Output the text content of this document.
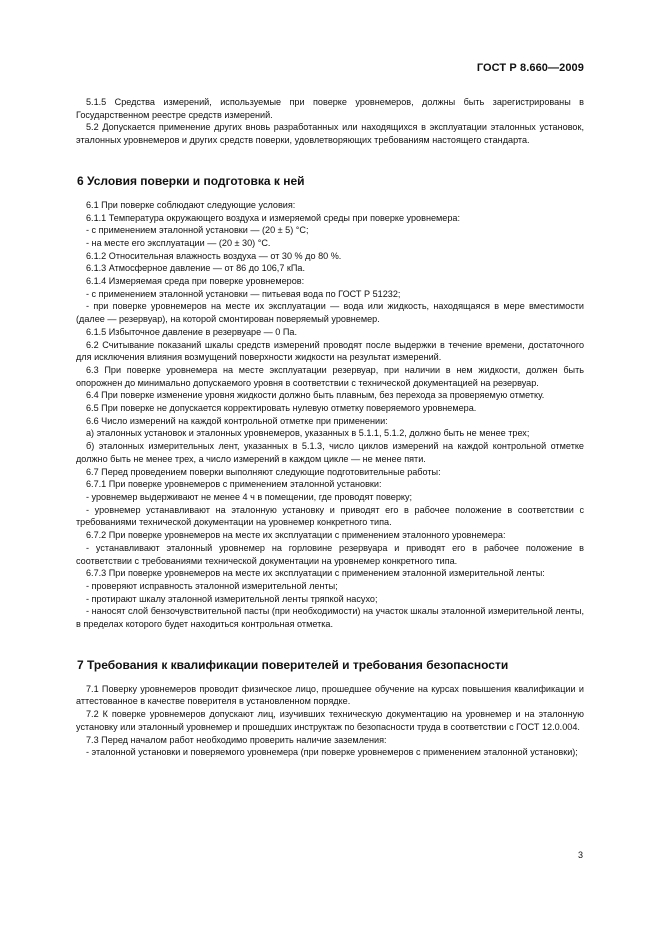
ГОСТ Р 8.660—2009

5.1.5 Средства измерений, используемые при поверке уровнемеров, должны быть зарегистрированы в Государственном реестре средств измерений.

5.2 Допускается применение других вновь разработанных или находящихся в эксплуатации эталонных установок, эталонных уровнемеров и других средств поверки, удовлетворяющих требованиям настоящего стандарта.

6 Условия поверки и подготовка к ней

6.1 При поверке соблюдают следующие условия:

6.1.1 Температура окружающего воздуха и измеряемой среды при поверке уровнемера:

- с применением эталонной установки — (20 ± 5) °С;

- на месте его эксплуатации — (20 ± 30) °С.

6.1.2 Относительная влажность воздуха — от 30 % до 80 %.

6.1.3 Атмосферное давление — от 86 до 106,7 кПа.

6.1.4 Измеряемая среда при поверке уровнемеров:

- с применением эталонной установки — питьевая вода по ГОСТ Р 51232;

- при поверке уровнемеров на месте их эксплуатации — вода или жидкость, находящаяся в мере вместимости (далее — резервуар), на которой смонтирован поверяемый уровнемер.

6.1.5 Избыточное давление в резервуаре — 0 Па.

6.2 Считывание показаний шкалы средств измерений проводят после выдержки в течение времени, достаточного для исключения влияния возмущений поверхности жидкости на результат измерений.

6.3 При поверке уровнемера на месте эксплуатации резервуар, при наличии в нем жидкости, должен быть опорожнен до минимально допускаемого уровня в соответствии с технической документацией на резервуар.

6.4 При поверке изменение уровня жидкости должно быть плавным, без перехода за проверяемую отметку.

6.5 При поверке не допускается корректировать нулевую отметку поверяемого уровнемера.

6.6 Число измерений на каждой контрольной отметке при применении:

а) эталонных установок и эталонных уровнемеров, указанных в 5.1.1, 5.1.2, должно быть не менее трех;

б) эталонных измерительных лент, указанных в 5.1.3, число циклов измерений на каждой контрольной отметке должно быть не менее трех, а число измерений в каждом цикле — не менее пяти.

6.7 Перед проведением поверки выполняют следующие подготовительные работы:

6.7.1 При поверке уровнемеров с применением эталонной установки:

- уровнемер выдерживают не менее 4 ч в помещении, где проводят поверку;

- уровнемер устанавливают на эталонную установку и приводят его в рабочее положение в соответствии с требованиями технической документации на уровнемер конкретного типа.

6.7.2 При поверке уровнемеров на месте их эксплуатации с применением эталонного уровнемера:

- устанавливают эталонный уровнемер на горловине резервуара и приводят его в рабочее положение в соответствии с требованиями технической документации на уровнемер конкретного типа.

6.7.3 При поверке уровнемеров на месте их эксплуатации с применением эталонной измерительной ленты:

- проверяют исправность эталонной измерительной ленты;

- протирают шкалу эталонной измерительной ленты тряпкой насухо;

- наносят слой бензочувствительной пасты (при необходимости) на участок шкалы эталонной измерительной ленты, в пределах которого будет находиться контрольная отметка.

7 Требования к квалификации поверителей и требования безопасности

7.1 Поверку уровнемеров проводит физическое лицо, прошедшее обучение на курсах повышения квалификации и аттестованное в качестве поверителя в установленном порядке.

7.2 К поверке уровнемеров допускают лиц, изучивших техническую документацию на уровнемер и на эталонную установку или эталонный уровнемер и прошедших инструктаж по безопасности труда в соответствии с ГОСТ 12.0.004.

7.3 Перед началом работ необходимо проверить наличие заземления:

- эталонной установки и поверяемого уровнемера (при поверке уровнемеров с применением эталонной установки);

3
